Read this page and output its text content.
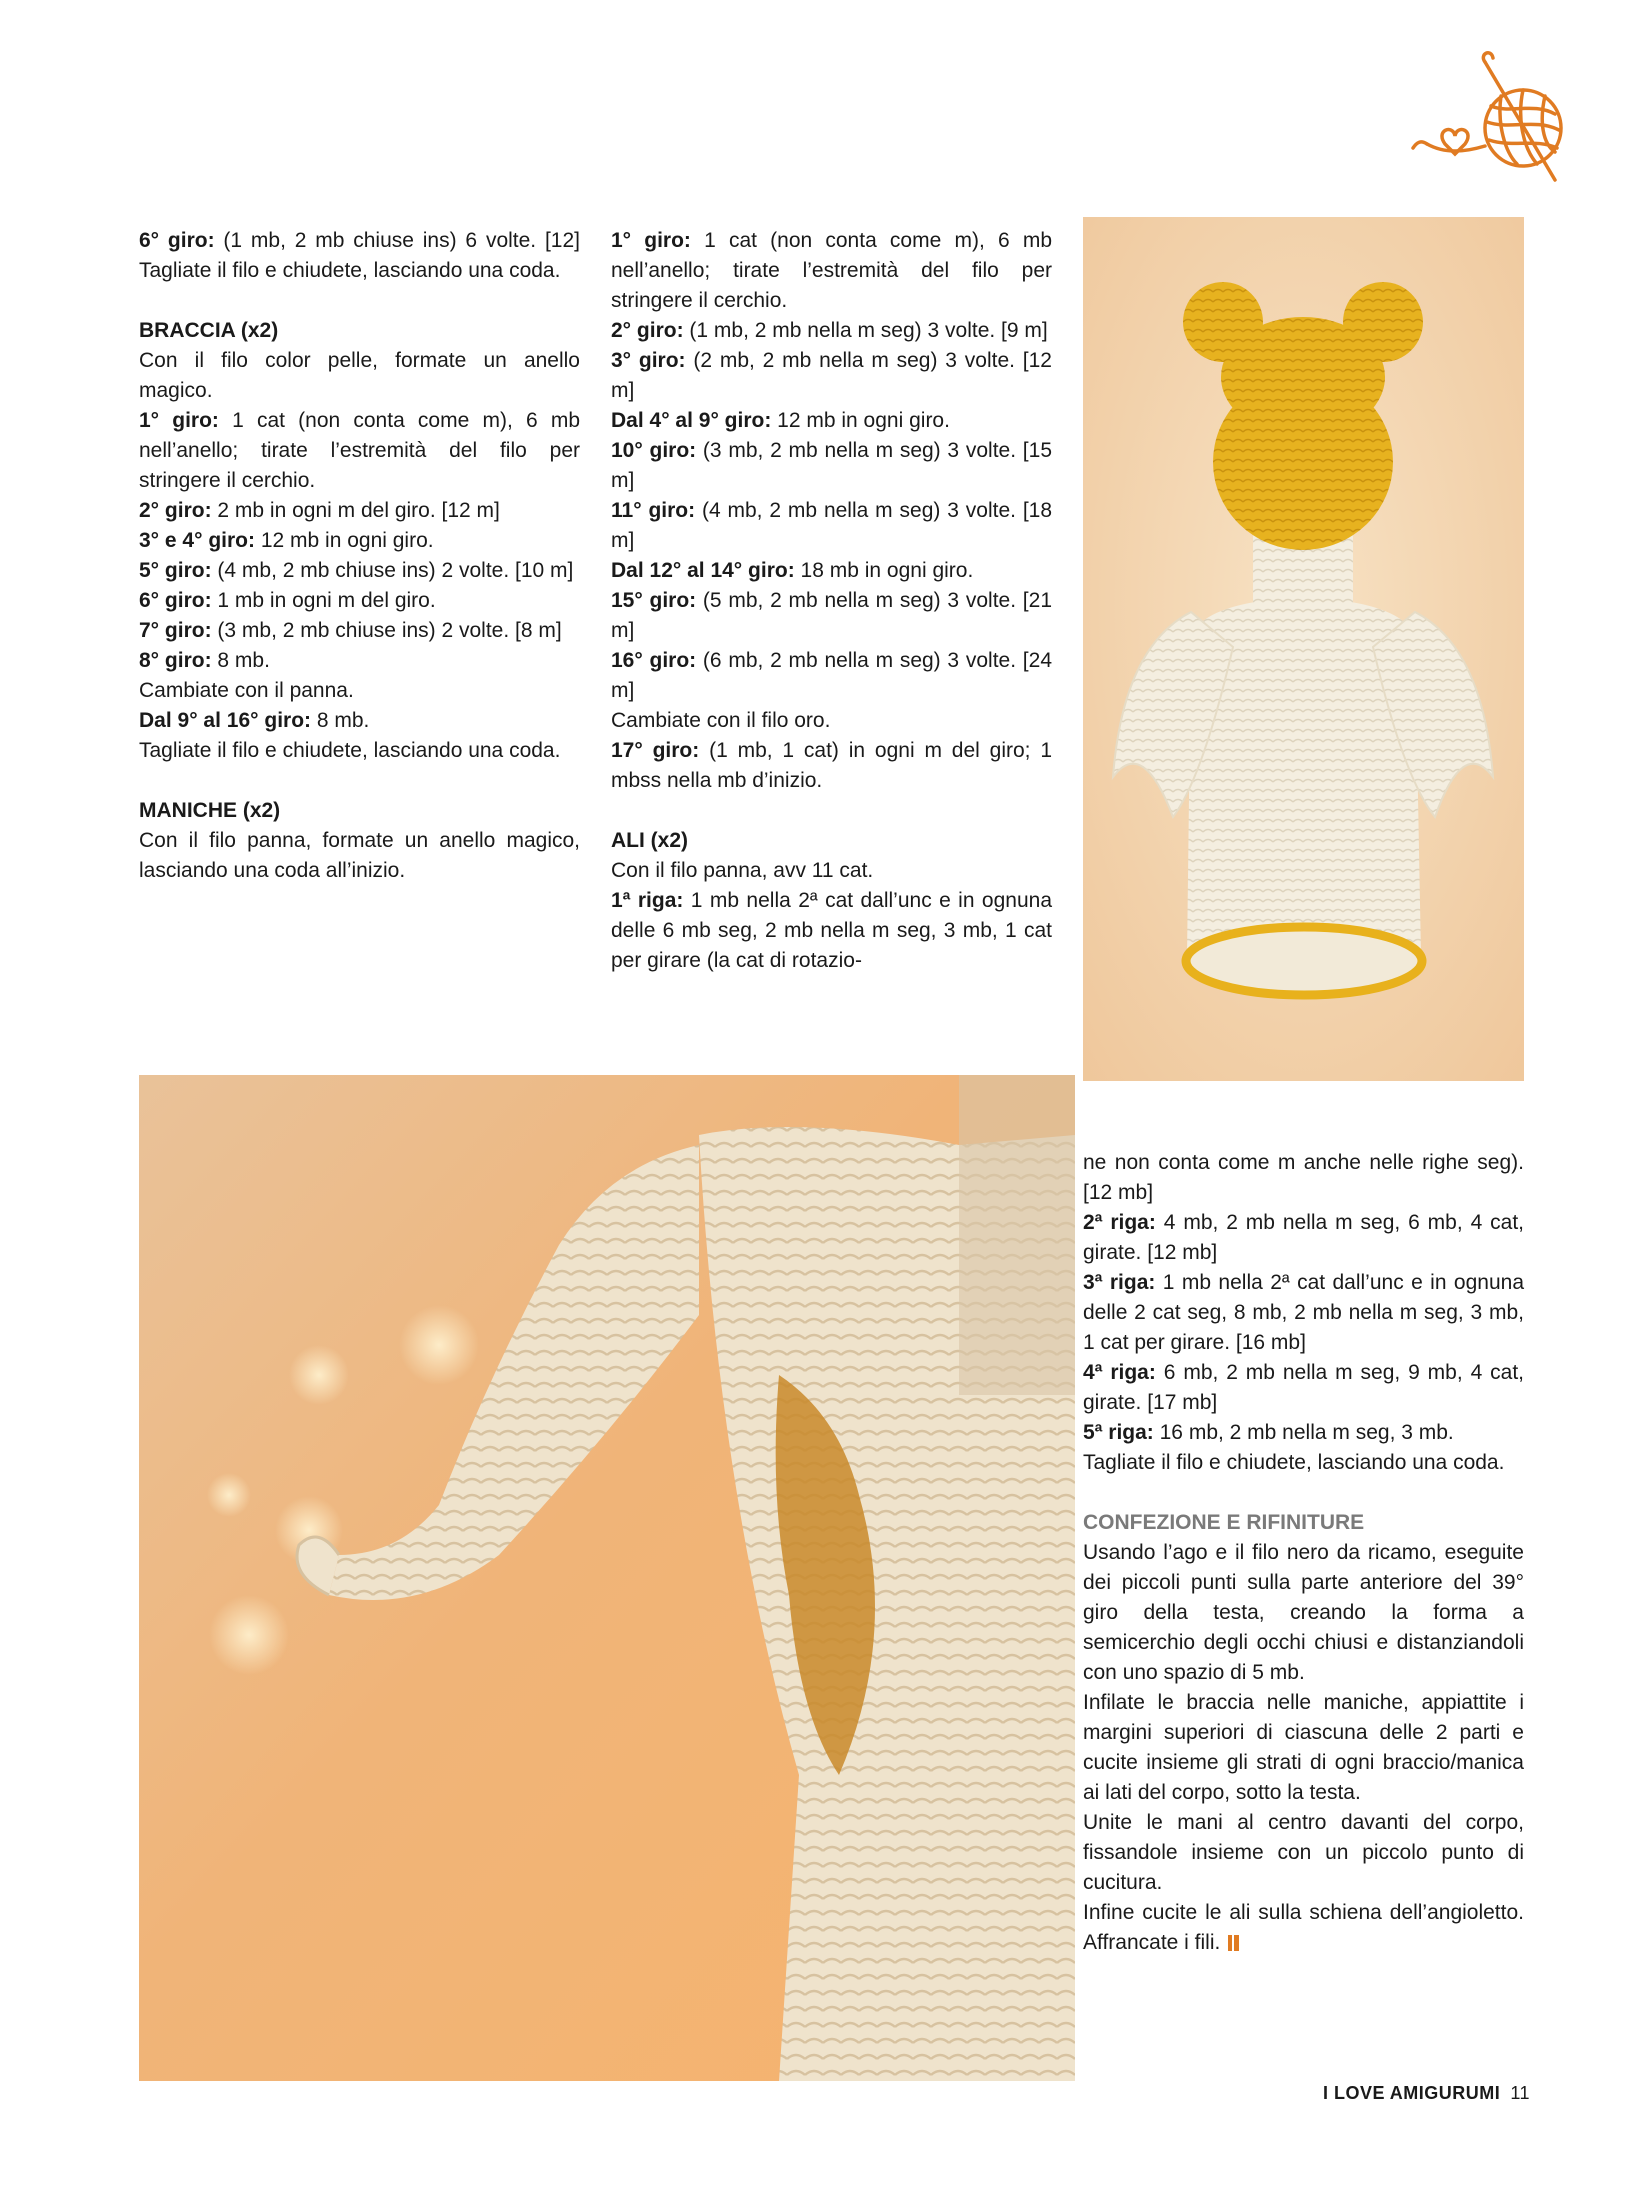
6° giro: (1 mb, 2 mb chiuse ins) 6 volte. [12] Tagliate il filo e chiudete, lasciando una coda.

BRACCIA (x2)

Con il filo color pelle, formate un anello magico.

1° giro: 1 cat (non conta come m), 6 mb nell’anello; tirate l’estremità del filo per stringere il cerchio.

2° giro: 2 mb in ogni m del giro. [12 m]

3° e 4° giro: 12 mb in ogni giro.

5° giro: (4 mb, 2 mb chiuse ins) 2 volte. [10 m]

6° giro: 1 mb in ogni m del giro.

7° giro: (3 mb, 2 mb chiuse ins) 2 volte. [8 m]

8° giro: 8 mb.

Cambiate con il panna.

Dal 9° al 16° giro: 8 mb.

Tagliate il filo e chiudete, lasciando una coda.

MANICHE (x2)

Con il filo panna, formate un anello magico, lasciando una coda all’inizio.

1° giro: 1 cat (non conta come m), 6 mb nell’anello; tirate l’estremità del filo per stringere il cerchio.

2° giro: (1 mb, 2 mb nella m seg) 3 volte. [9 m]

3° giro: (2 mb, 2 mb nella m seg) 3 volte. [12 m]

Dal 4° al 9° giro: 12 mb in ogni giro.

10° giro: (3 mb, 2 mb nella m seg) 3 volte. [15 m]

11° giro: (4 mb, 2 mb nella m seg) 3 volte. [18 m]

Dal 12° al 14° giro: 18 mb in ogni giro.

15° giro: (5 mb, 2 mb nella m seg) 3 volte. [21 m]

16° giro: (6 mb, 2 mb nella m seg) 3 volte. [24 m]

Cambiate con il filo oro.

17° giro: (1 mb, 1 cat) in ogni m del giro; 1 mbss nella mb d’inizio.

ALI (x2)

Con il filo panna, avv 11 cat.

1ª riga: 1 mb nella 2ª cat dall’unc e in ognuna delle 6 mb seg, 2 mb nella m seg, 3 mb, 1 cat per girare (la cat di rotazio-

ne non conta come m anche nelle righe seg). [12 mb]

2ª riga: 4 mb, 2 mb nella m seg, 6 mb, 4 cat, girate. [12 mb]

3ª riga: 1 mb nella 2ª cat dall’unc e in ognuna delle 2 cat seg, 8 mb, 2 mb nella m seg, 3 mb, 1 cat per girare. [16 mb]

4ª riga: 6 mb, 2 mb nella m seg, 9 mb, 4 cat, girate. [17 mb]

5ª riga: 16 mb, 2 mb nella m seg, 3 mb.

Tagliate il filo e chiudete, lasciando una coda.

CONFEZIONE E RIFINITURE

Usando l’ago e il filo nero da ricamo, eseguite dei piccoli punti sulla parte anteriore del 39° giro della testa, creando la forma a semicerchio degli occhi chiusi e distanziandoli con uno spazio di 5 mb.

Infilate le braccia nelle maniche, appiattite i margini superiori di ciascuna delle 2 parti e cucite insieme gli strati di ogni braccio/manica ai lati del corpo, sotto la testa.

Unite le mani al centro davanti del corpo, fissandole insieme con un piccolo punto di cucitura.

Infine cucite le ali sulla schiena dell’angioletto. Affrancate i fili.

I LOVE AMIGURUMI 11
